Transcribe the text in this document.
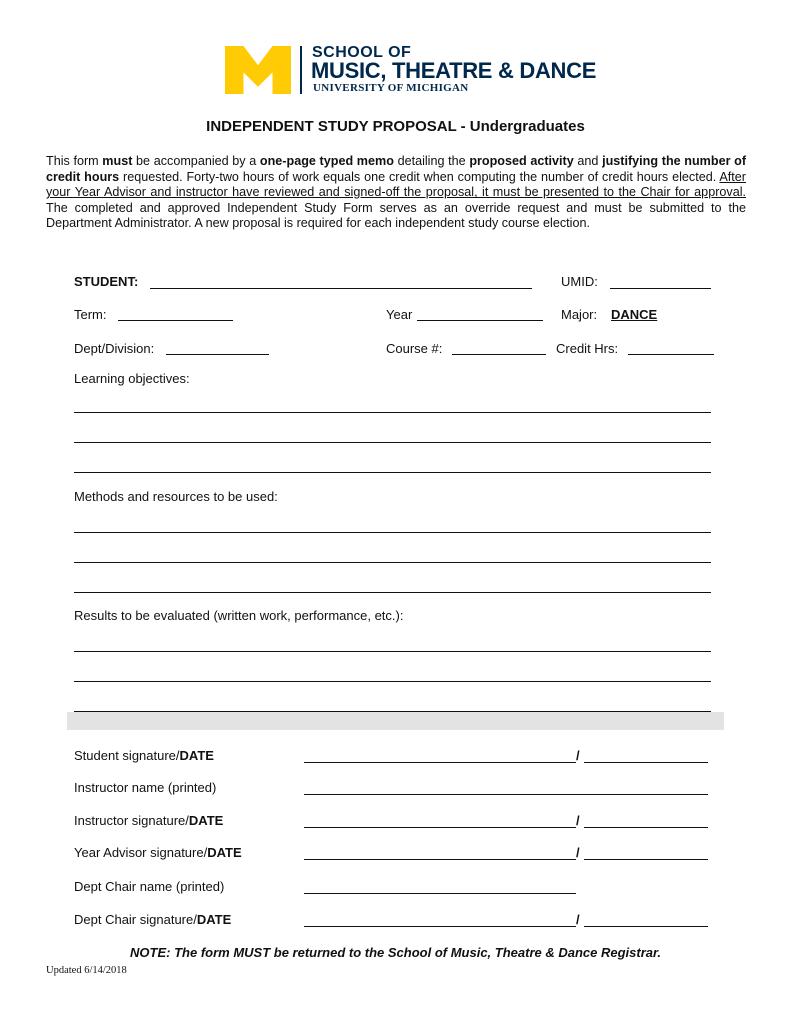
SCHOOL OF
MUSIC, THEATRE & DANCE
UNIVERSITY OF MICHIGAN
INDEPENDENT STUDY PROPOSAL - Undergraduates
This form must be accompanied by a one-page typed memo detailing the proposed activity and justifying the number of credit hours requested. Forty-two hours of work equals one credit when computing the number of credit hours elected. After your Year Advisor and instructor have reviewed and signed-off the proposal, it must be presented to the Chair for approval. The completed and approved Independent Study Form serves as an override request and must be submitted to the Department Administrator. A new proposal is required for each independent study course election.
STUDENT:	UMID:
Term:	Year	Major: DANCE
Dept/Division:	Course #:	Credit Hrs:
Learning objectives:
Methods and resources to be used:
Results to be evaluated (written work, performance, etc.):
Student signature/DATE	/
Instructor name (printed)
Instructor signature/DATE	/
Year Advisor signature/DATE	/
Dept Chair name (printed)
Dept Chair signature/DATE	/
NOTE: The form MUST be returned to the School of Music, Theatre & Dance Registrar.
Updated 6/14/2018
